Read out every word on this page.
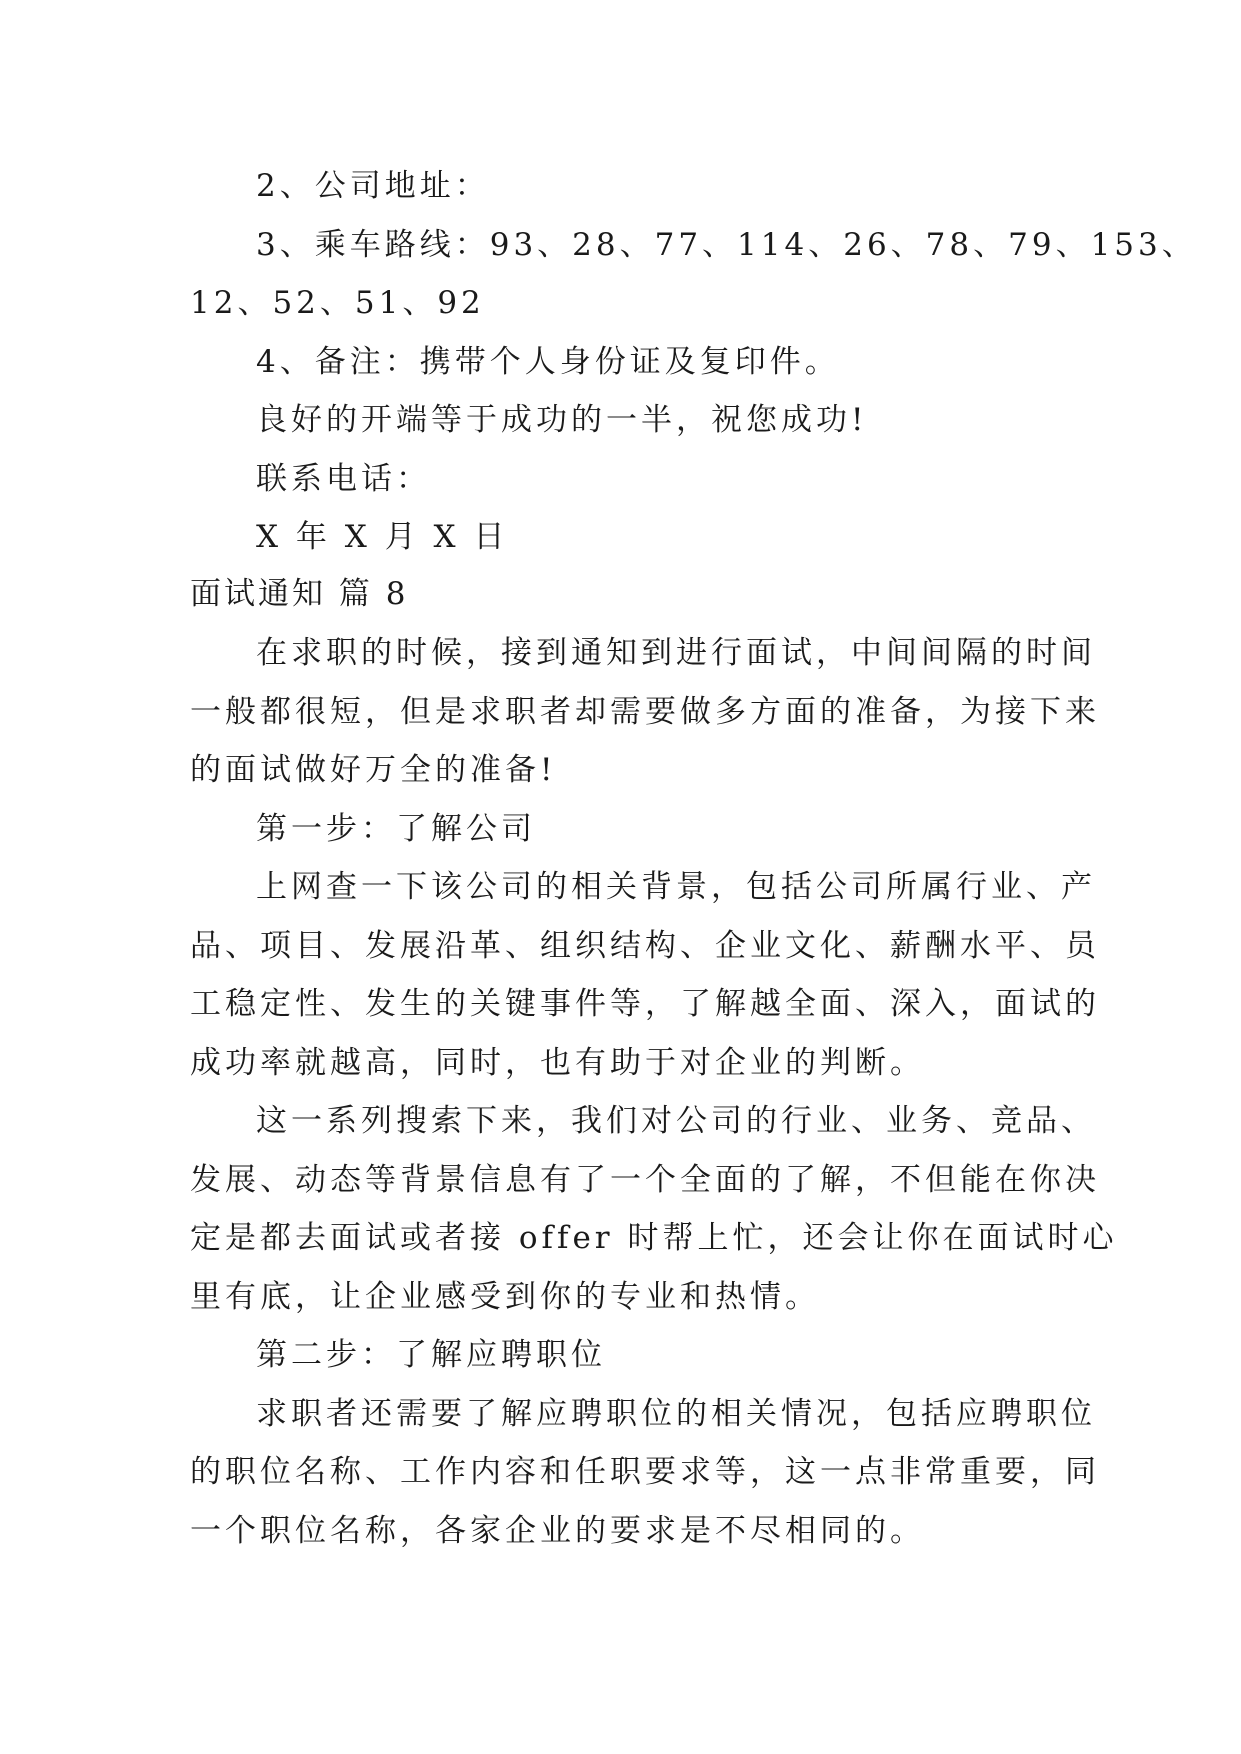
2、公司地址：
3、乘车路线：93、28、77、114、26、78、79、153、
12、52、51、92
4、备注：携带个人身份证及复印件。
良好的开端等于成功的一半，祝您成功!
联系电话：
X 年 X 月 X 日
面试通知 篇 8
在求职的时候，接到通知到进行面试，中间间隔的时间
一般都很短，但是求职者却需要做多方面的准备，为接下来
的面试做好万全的准备!
第一步：了解公司
上网查一下该公司的相关背景，包括公司所属行业、产
品、项目、发展沿革、组织结构、企业文化、薪酬水平、员
工稳定性、发生的关键事件等，了解越全面、深入，面试的
成功率就越高，同时，也有助于对企业的判断。
这一系列搜索下来，我们对公司的行业、业务、竞品、
发展、动态等背景信息有了一个全面的了解，不但能在你决
定是都去面试或者接 offer 时帮上忙，还会让你在面试时心
里有底，让企业感受到你的专业和热情。
第二步：了解应聘职位
求职者还需要了解应聘职位的相关情况，包括应聘职位
的职位名称、工作内容和任职要求等，这一点非常重要，同
一个职位名称，各家企业的要求是不尽相同的。
